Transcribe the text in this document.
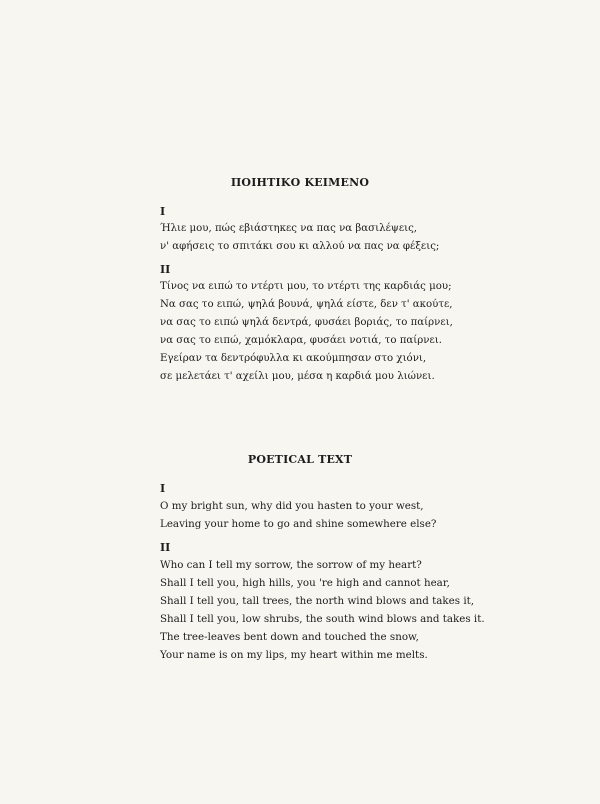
ΠΟΙΗΤΙΚΟ ΚΕΙΜΕΝΟ
I
Ήλιε μου, πώς εβιάστηκες να πας να βασιλέψεις,
ν' αφήσεις το σπιτάκι σου κι αλλού να πας να φέξεις;
II
Τίνος να ειπώ το ντέρτι μου, το ντέρτι της καρδιάς μου;
Να σας το ειπώ, ψηλά βουνά, ψηλά είστε, δεν τ' ακούτε,
να σας το ειπώ ψηλά δεντρά, φυσάει βοριάς, το παίρνει,
να σας το ειπώ, χαμόκλαρα, φυσάει νοτιά, το παίρνει.
Εγείραν τα δεντρόφυλλα κι ακούμπησαν στο χιόνι,
σε μελετάει τ' αχείλι μου, μέσα η καρδιά μου λιώνει.
POETICAL TEXT
I
O my bright sun, why did you hasten to your west,
Leaving your home to go and shine somewhere else?
II
Who can I tell my sorrow, the sorrow of my heart?
Shall I tell you, high hills, you 're high and cannot hear,
Shall I tell you, tall trees, the north wind blows and takes it,
Shall I tell you, low shrubs, the south wind blows and takes it.
The tree-leaves bent down and touched the snow,
Your name is on my lips, my heart within me melts.
